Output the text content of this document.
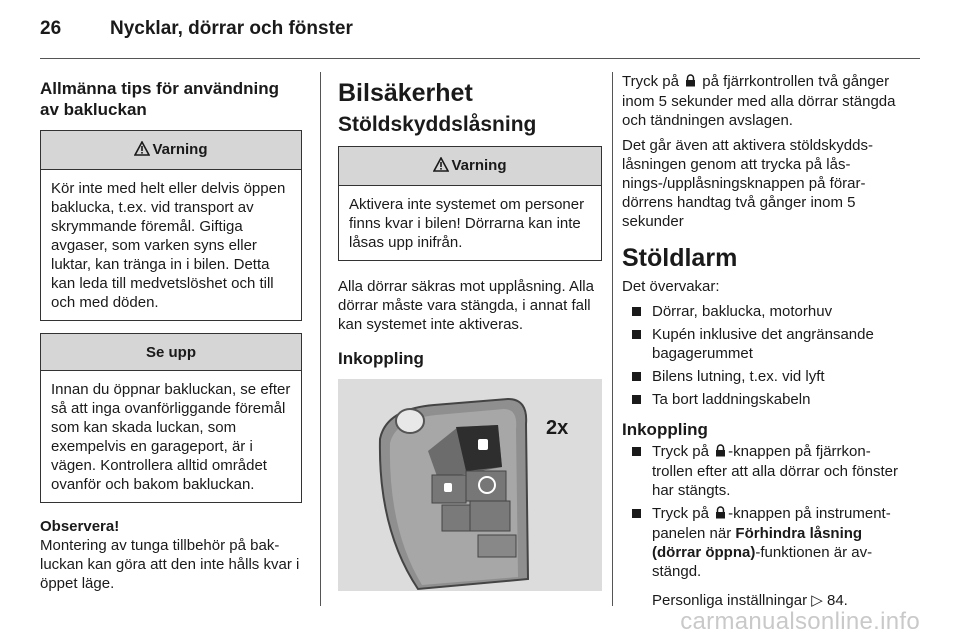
26	Nycklar, dörrar och fönster
Allmänna tips för användning av bakluckan
Varning
Kör inte med helt eller delvis öppen baklucka, t.ex. vid transport av skrymmande föremål. Giftiga avgaser, som varken syns eller luktar, kan tränga in i bilen. Detta kan leda till medvetslöshet och till och med döden.
Se upp
Innan du öppnar bakluckan, se efter så att inga ovanförliggande föremål som kan skada luckan, som exempelvis en garageport, är i vägen. Kontrollera alltid området ovanför och bakom bakluckan.
Observera!
Montering av tunga tillbehör på bakluckan kan göra att den inte hålls kvar i öppet läge.
Bilsäkerhet
Stöldskyddslåsning
Varning
Aktivera inte systemet om personer finns kvar i bilen! Dörrarna kan inte låsas upp inifrån.

Alla dörrar säkras mot upplåsning. Alla dörrar måste vara stängda, i annat fall kan systemet inte aktiveras.

Inkoppling
2x

Tryck på på fjärrkontrollen två gånger inom 5 sekunder med alla dörrar stängda och tändningen avslagen.

Det går även att aktivera stöldskyddslåsningen genom att trycka på låsnings-/upplåsningsknappen på förardörrens handtag två gånger inom 5 sekunder

Stöldlarm

Det övervakar:

Dörrar, baklucka, motorhuv
Kupén inklusive det angränsande bagagerummet
Bilens lutning, t.ex. vid lyft
Ta bort laddningskabeln
Inkoppling
Tryck på -knappen på fjärrkontrollen efter att alla dörrar och fönster har stängts.
Tryck på -knappen på instrumentpanelen när Förhindra låsning (dörrar öppna)-funktionen är avstängd.

Personliga inställningar ▷ 84.

carmanualsonline.info
